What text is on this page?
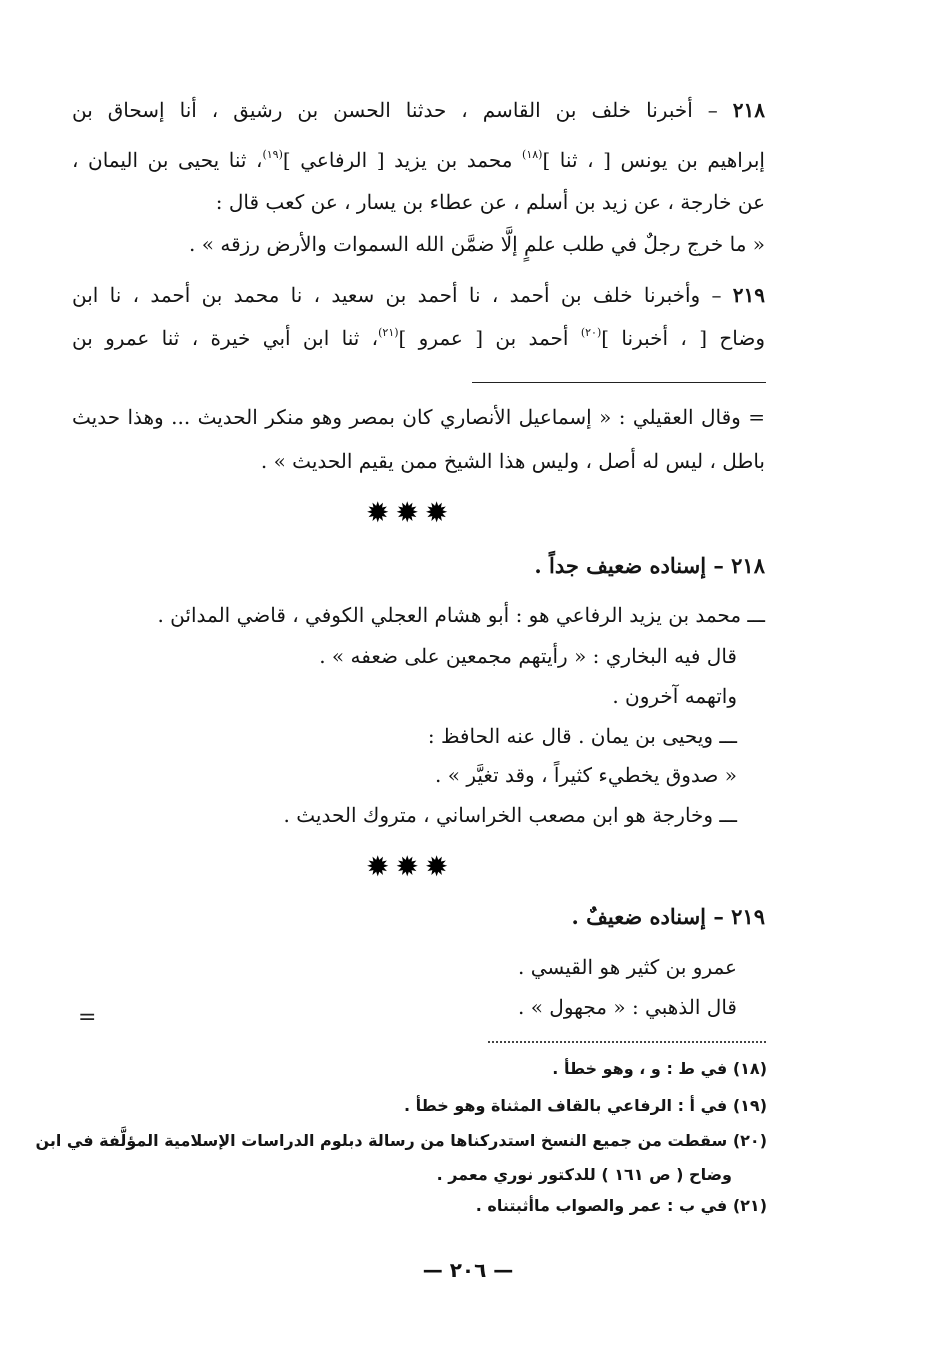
٢١٨ – أخبرنا خلف بن القاسم ، حدثنا الحسن بن رشيق ، أنا إسحاق بن
إبراهيم بن يونس [ ، ثنا ]$^{(١٨)}$ محمد بن يزيد [ الرفاعي ]$^{(١٩)}$، ثنا يحيى بن اليمان ،
عن خارجة ، عن زيد بن أسلم ، عن عطاء بن يسار ، عن كعب قال :
« ما خرج رجلٌ في طلب علمٍ إلَّا ضمَّن الله السموات والأرض رزقه » .
٢١٩ – وأخبرنا خلف بن أحمد ، نا أحمد بن سعيد ، نا محمد بن أحمد ، نا ابن
وضاح [ ، أخبرنا ]$^{(٢٠)}$ أحمد بن [ عمرو ]$^{(٢١)}$، ثنا ابن أبي خيرة ، ثنا عمرو بن
= وقال العقيلي : « إسماعيل الأنصاري كان بمصر وهو منكر الحديث ... وهذا حديث
باطل ، ليس له أصل ، وليس هذا الشيخ ممن يقيم الحديث » .
✹✹✹
٢١٨ – إسناده ضعيف جداً .
ـــ محمد بن يزيد الرفاعي هو : أبو هشام العجلي الكوفي ، قاضي المدائن .
قال فيه البخاري : « رأيتهم مجمعين على ضعفه » .
واتهمه آخرون .
ـــ ويحيى بن يمان . قال عنه الحافظ :
« صدوق يخطيء كثيراً ، وقد تغيَّر » .
ـــ وخارجة هو ابن مصعب الخراساني ، متروك الحديث .
✹✹✹
٢١٩ – إسناده ضعيفٌ .
عمرو بن كثير هو القيسي .
قال الذهبي : « مجهول » .
=
(١٨) في ط : و ، وهو خطأ .
(١٩) في أ : الرفاعي بالقاف المثناة وهو خطأ .
(٢٠) سقطت من جميع النسخ استدركناها من رسالة دبلوم الدراسات الإسلامية المؤلَّفة في ابن
وضاح ( ص ١٦١ ) للدكتور نوري معمر .
(٢١) في ب : عمر والصواب ماأثبتناه .
— ٢٠٦ —
